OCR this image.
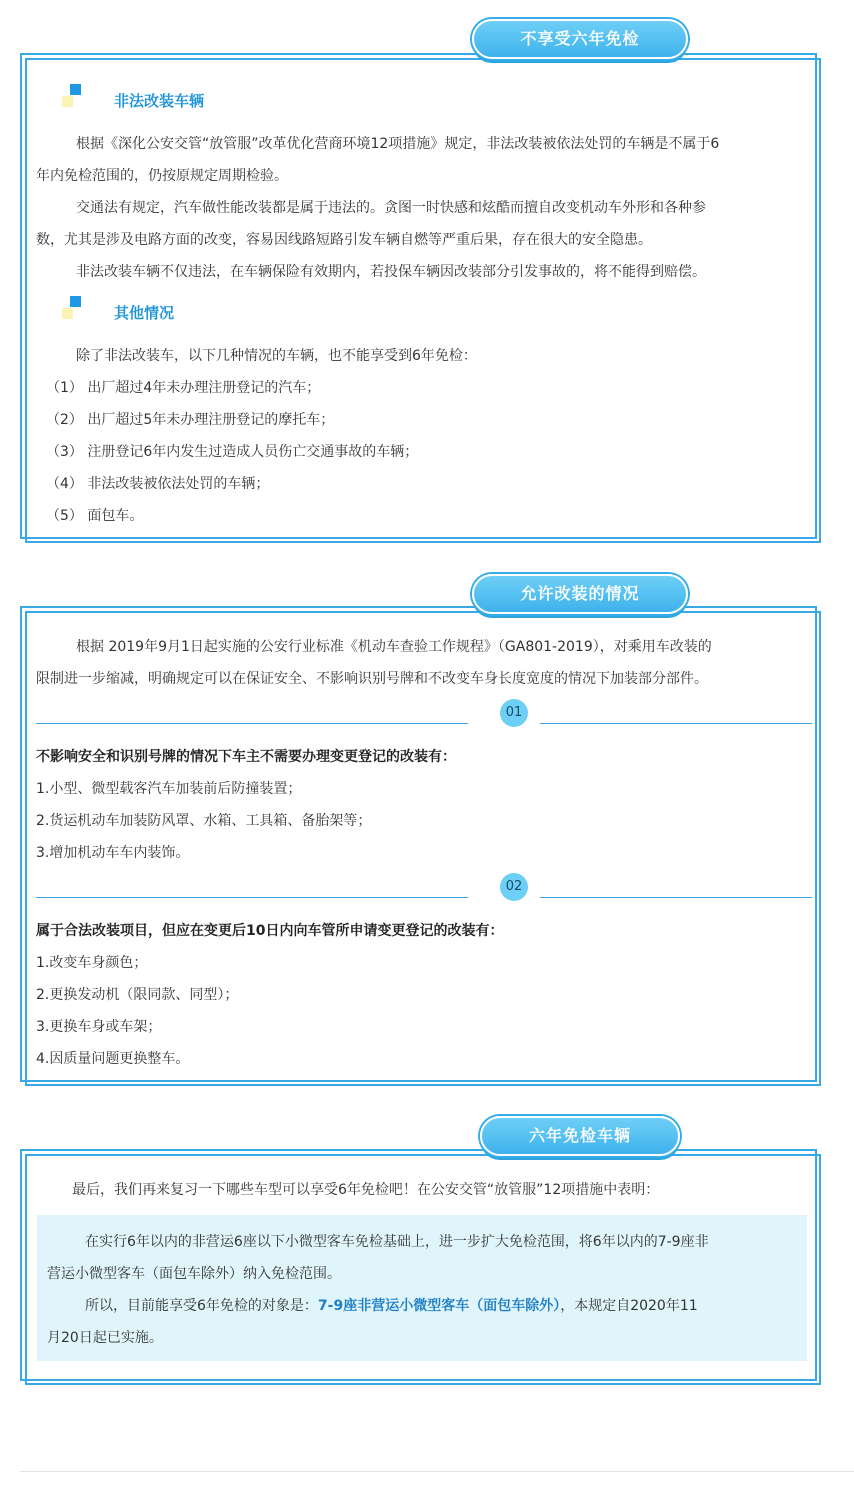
不享受六年免检
非法改装车辆
根据《深化公安交管“放管服”改革优化营商环境12项措施》规定，非法改装被依法处罚的车辆是不属于6
年内免检范围的，仍按原规定周期检验。
交通法有规定，汽车做性能改装都是属于违法的。贪图一时快感和炫酷而擅自改变机动车外形和各种参
数，尤其是涉及电路方面的改变，容易因线路短路引发车辆自燃等严重后果，存在很大的安全隐患。
非法改装车辆不仅违法，在车辆保险有效期内，若投保车辆因改装部分引发事故的，将不能得到赔偿。
其他情况
除了非法改装车，以下几种情况的车辆，也不能享受到6年免检：
（1） 出厂超过4年未办理注册登记的汽车；
（2） 出厂超过5年未办理注册登记的摩托车；
（3） 注册登记6年内发生过造成人员伤亡交通事故的车辆；
（4） 非法改装被依法处罚的车辆；
（5） 面包车。
允许改装的情况
根据 2019年9月1日起实施的公安行业标准《机动车查验工作规程》（GA801-2019），对乘用车改装的
限制进一步缩减，明确规定可以在保证安全、不影响识别号牌和不改变车身长度宽度的情况下加装部分部件。
01
不影响安全和识别号牌的情况下车主不需要办理变更登记的改装有：
1.小型、微型载客汽车加装前后防撞装置；
2.货运机动车加装防风罩、水箱、工具箱、备胎架等；
3.增加机动车车内装饰。
02
属于合法改装项目，但应在变更后10日内向车管所申请变更登记的改装有：
1.改变车身颜色；
2.更换发动机（限同款、同型）；
3.更换车身或车架；
4.因质量问题更换整车。
六年免检车辆
最后，我们再来复习一下哪些车型可以享受6年免检吧！在公安交管“放管服”12项措施中表明：
在实行6年以内的非营运6座以下小微型客车免检基础上，进一步扩大免检范围，将6年以内的7-9座非
营运小微型客车（面包车除外）纳入免检范围。
所以，目前能享受6年免检的对象是：7-9座非营运小微型客车（面包车除外），本规定自2020年11
月20日起已实施。
